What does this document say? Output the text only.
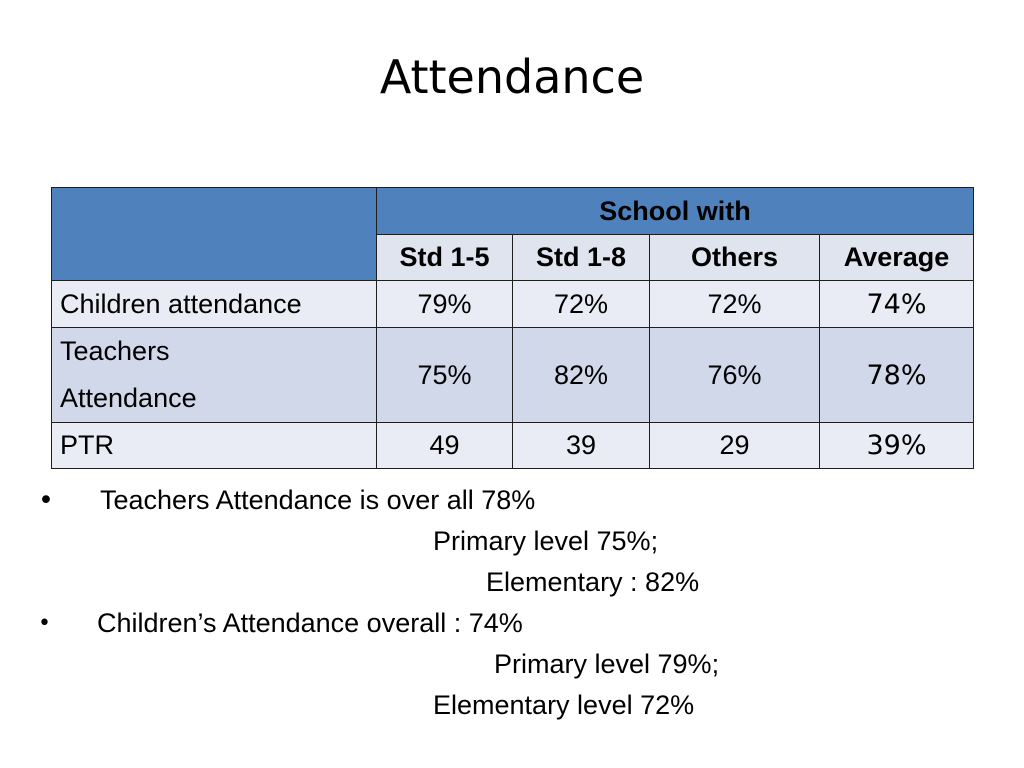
Attendance
	School with			
	Std 1-5	Std 1-8	Others	Average
Children attendance	79%	72%	72%	74%

Teachers
Attendance	75%	82%	76%	78%
PTR	49	39	29	39%
• Teachers Attendance is over all 78%
Primary level 75%;
Elementary : 82%
• Children’s Attendance overall : 74%
Primary level 79%;
Elementary level 72%
